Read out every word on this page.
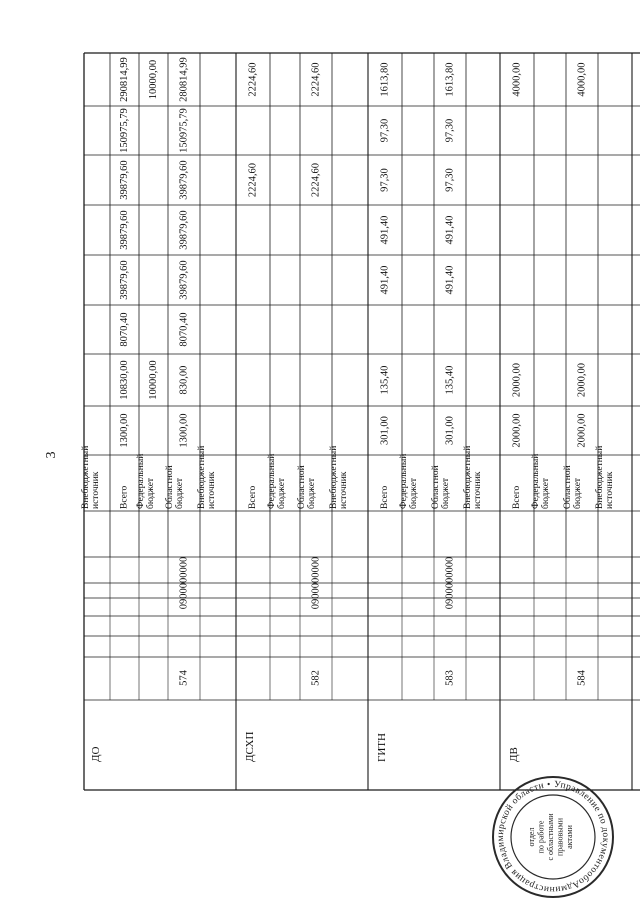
3
ДО
574
0900000000
Внебюджетныйисточник Всего
1300,00
10830,00
8070,40
39879,60
39879,60
39879,60
150975,79
290814,99
Федеральныйбюджет
10000,00
10000,00
Областнойбюджет
1300,00
830,00
8070,40
39879,60
39879,60
39879,60
150975,79
280814,99
Внебюджетныйисточник
ДСХП
582
0900000000
Всего
2224,60
2224,60
Федеральныйбюджет Областнойбюджет
2224,60
2224,60
Внебюджетныйисточник
ГИТН
583
0900000000
Всего
301,00
135,40
491,40
491,40
97,30
97,30
1613,80
Федеральныйбюджет Областнойбюджет
301,00
135,40
491,40
491,40
97,30
97,30
1613,80
Внебюджетныйисточник
ДВ
584
Всего
2000,00
2000,00
4000,00
Федеральныйбюджет Областнойбюджет
2000,00
2000,00
4000,00
Внебюджетныйисточник
Администрация Владимирской области • Управление по документообороту
отдел по работе с областными правовыми актами
